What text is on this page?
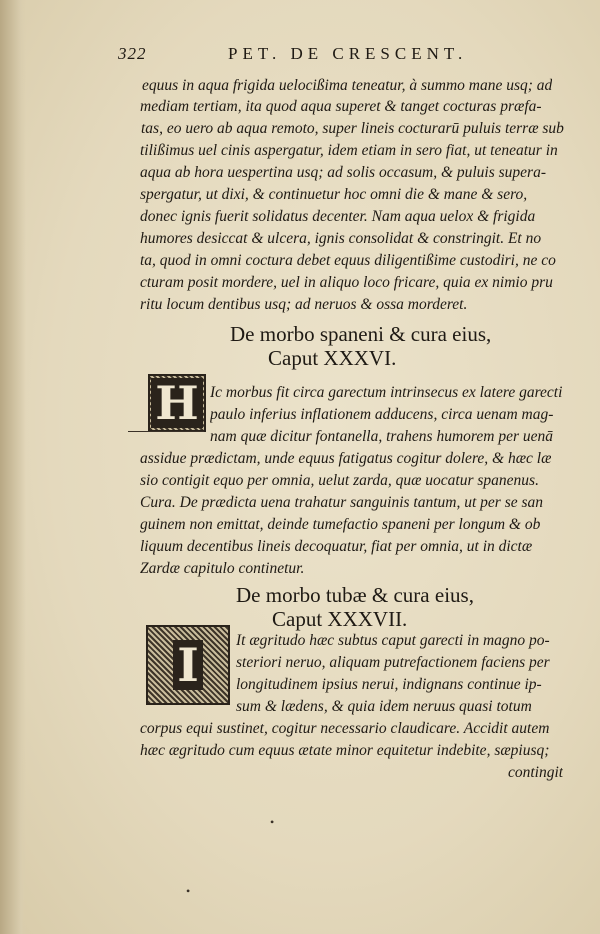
322	PET. DE CRESCENT.
equus in aqua frigida uelocißima teneatur, à summo mane usq; ad
mediam tertiam, ita quod aqua superet & tanget cocturas præfa-
tas, eo uero ab aqua remoto, super lineis cocturarū puluis terræ sub
tilißimus uel cinis aspergatur, idem etiam in sero fiat, ut teneatur in
aqua ab hora uespertina usq; ad solis occasum, & puluis supera-
spergatur, ut dixi, & continuetur hoc omni die & mane & sero,
donec ignis fuerit solidatus decenter. Nam aqua uelox & frigida
humores desiccat & ulcera, ignis consolidat & constringit. Et no
ta, quod in omni coctura debet equus diligentißime custodiri, ne co
cturam posit mordere, uel in aliquo loco fricare, quia ex nimio pru
ritu locum dentibus usq; ad neruos & ossa morderet.
De morbo spaneni & cura eius,
Caput XXXVI.
H Ic morbus fit circa garectum intrinsecus ex latere garecti
paulo inferius inflationem adducens, circa uenam mag-
nam quæ dicitur fontanella, trahens humorem per uenā
assidue prædictam, unde equus fatigatus cogitur dolere, & hæc læ
sio contigit equo per omnia, uelut zarda, quæ uocatur spanenus.
Cura. De prædicta uena trahatur sanguinis tantum, ut per se san
guinem non emittat, deinde tumefactio spaneni per longum & ob
liquum decentibus lineis decoquatur, fiat per omnia, ut in dictæ
Zardæ capitulo continetur.
De morbo tubæ & cura eius,
Caput XXXVII.
I It ægritudo hæc subtus caput garecti in magno po-
steriori neruo, aliquam putrefactionem faciens per
longitudinem ipsius nerui, indignans continue ip-
sum & lædens, & quia idem neruus quasi totum
corpus equi sustinet, cogitur necessario claudicare. Accidit autem
hæc ægritudo cum equus ætate minor equitetur indebite, sæpiusq;
contingit
•
•
